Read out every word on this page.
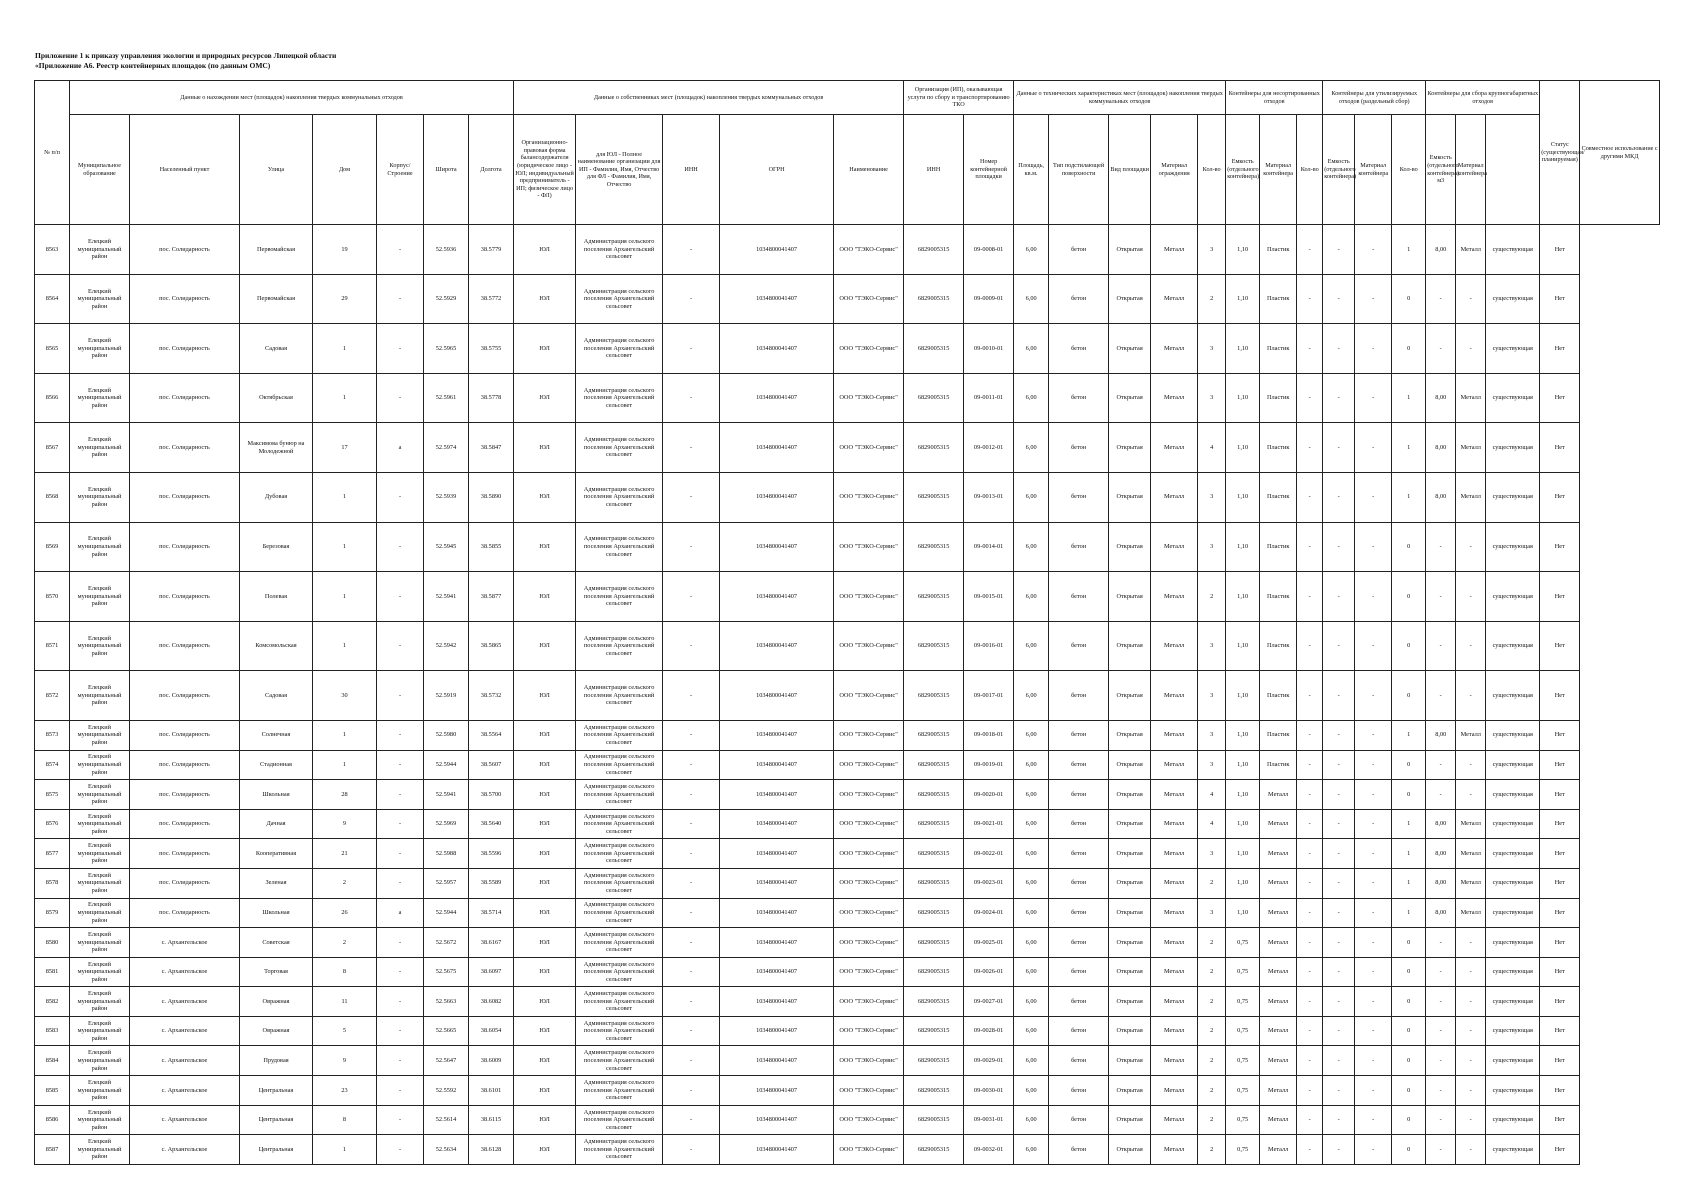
Приложение 1 к приказу управления экологии и природных ресурсов Липецкой области
«Приложение А6. Реестр контейнерных площадок (по данным ОМС)
№ п/п	Данные о нахождении мест (площадок) накопления твердых коммунальных отходов							Данные о собственниках мест (площадок) накопления твердых коммунальных отходов					Организация (ИП), оказывающая услуги по сбору и транспортированию ТКО		Данные о технических характеристиках мест (площадок) накопления твердых коммунальных отходов					Контейнеры для несортированных отходов			Контейнеры для утилизируемых отходов (раздельный сбор)			Контейнеры для сбора крупногабаритных отходов			Статус (существующая/ планируемая)	Совместное использование с другими МКД
	Муниципальное образование	Населенный пункт	Улица	Дом	Корпус/Строение	Широта	Долгота	Организационно-правовая форма балансодержателя (юридическое лицо - ЮЛ; индивидуальный предприниматель - ИП; физическое лицо - ФЛ)	для ЮЛ - Полное наименование организации для ИП - Фамилия, Имя, Отчество для ФЛ - Фамилия, Имя, Отчество	ИНН	ОГРН	Наименование	ИНН	Номер контейнерной площадки	Площадь, кв.м.	Тип подстилающей поверхности	Вид площадки	Материал ограждения	Кол-во	Емкость (отдельного контейнера)	Материал контейнера	Кол-во	Емкость (отдельного контейнера)	Материал контейнера	Кол-во	Емкость (отдельного контейнера) м3	Материал контейнера			
8563	Елецкий муниципальный район	пос. Солидарность	Первомайская	19	-	52.5936	38.5779	ЮЛ	Администрация сельского поселения Архангельский сельсовет	-	1034800041407	ООО "ТЭКО-Сервис"	6829005315	09-0008-01	6,00	бетон	Открытая	Металл	3	1,10	Пластик	-	-	-	1	8,00	Металл	существующая	Нет	
8564	Елецкий муниципальный район	пос. Солидарность	Первомайская	29	-	52.5929	38.5772	ЮЛ	Администрация сельского поселения Архангельский сельсовет	-	1034800041407	ООО "ТЭКО-Сервис"	6829005315	09-0009-01	6,00	бетон	Открытая	Металл	2	1,10	Пластик	-	-	-	0	-	-	существующая	Нет	
8565	Елецкий муниципальный район	пос. Солидарность	Садовая	1	-	52.5965	38.5755	ЮЛ	Администрация сельского поселения Архангельский сельсовет	-	1034800041407	ООО "ТЭКО-Сервис"	6829005315	09-0010-01	6,00	бетон	Открытая	Металл	3	1,10	Пластик	-	-	-	0	-	-	существующая	Нет	
8566	Елецкий муниципальный район	пос. Солидарность	Октябрьская	1	-	52.5961	38.5778	ЮЛ	Администрация сельского поселения Архангельский сельсовет	-	1034800041407	ООО "ТЭКО-Сервис"	6829005315	09-0011-01	6,00	бетон	Открытая	Металл	3	1,10	Пластик	-	-	-	1	8,00	Металл	существующая	Нет	
8567	Елецкий муниципальный район	пос. Солидарность	Максимова бунюр на Молодежной	17	а	52.5974	38.5847	ЮЛ	Администрация сельского поселения Архангельский сельсовет	-	1034800041407	ООО "ТЭКО-Сервис"	6829005315	09-0012-01	6,00	бетон	Открытая	Металл	4	1,10	Пластик	-	-	-	1	8,00	Металл	существующая	Нет	
8568	Елецкий муниципальный район	пос. Солидарность	Дубовая	1	-	52.5939	38.5890	ЮЛ	Администрация сельского поселения Архангельский сельсовет	-	1034800041407	ООО "ТЭКО-Сервис"	6829005315	09-0013-01	6,00	бетон	Открытая	Металл	3	1,10	Пластик	-	-	-	1	8,00	Металл	существующая	Нет	
8569	Елецкий муниципальный район	пос. Солидарность	Березовая	1	-	52.5945	38.5855	ЮЛ	Администрация сельского поселения Архангельский сельсовет	-	1034800041407	ООО "ТЭКО-Сервис"	6829005315	09-0014-01	6,00	бетон	Открытая	Металл	3	1,10	Пластик	-	-	-	0	-	-	существующая	Нет	
8570	Елецкий муниципальный район	пос. Солидарность	Полевая	1	-	52.5941	38.5877	ЮЛ	Администрация сельского поселения Архангельский сельсовет	-	1034800041407	ООО "ТЭКО-Сервис"	6829005315	09-0015-01	6,00	бетон	Открытая	Металл	2	1,10	Пластик	-	-	-	0	-	-	существующая	Нет	
8571	Елецкий муниципальный район	пос. Солидарность	Комсомольская	1	-	52.5942	38.5865	ЮЛ	Администрация сельского поселения Архангельский сельсовет	-	1034800041407	ООО "ТЭКО-Сервис"	6829005315	09-0016-01	6,00	бетон	Открытая	Металл	3	1,10	Пластик	-	-	-	0	-	-	существующая	Нет	
8572	Елецкий муниципальный район	пос. Солидарность	Садовая	30	-	52.5919	38.5732	ЮЛ	Администрация сельского поселения Архангельский сельсовет	-	1034800041407	ООО "ТЭКО-Сервис"	6829005315	09-0017-01	6,00	бетон	Открытая	Металл	3	1,10	Пластик	-	-	-	0	-	-	существующая	Нет	
8573	Елецкий муниципальный район	пос. Солидарность	Солнечная	1	-	52.5980	38.5564	ЮЛ	Администрация сельского поселения Архангельский сельсовет	-	1034800041407	ООО "ТЭКО-Сервис"	6829005315	09-0018-01	6,00	бетон	Открытая	Металл	3	1,10	Пластик	-	-	-	1	8,00	Металл	существующая	Нет	
8574	Елецкий муниципальный район	пос. Солидарность	Стадионная	1	-	52.5944	38.5607	ЮЛ	Администрация сельского поселения Архангельский сельсовет	-	1034800041407	ООО "ТЭКО-Сервис"	6829005315	09-0019-01	6,00	бетон	Открытая	Металл	3	1,10	Пластик	-	-	-	0	-	-	существующая	Нет	
8575	Елецкий муниципальный район	пос. Солидарность	Школьная	28	-	52.5941	38.5700	ЮЛ	Администрация сельского поселения Архангельский сельсовет	-	1034800041407	ООО "ТЭКО-Сервис"	6829005315	09-0020-01	6,00	бетон	Открытая	Металл	4	1,10	Металл	-	-	-	0	-	-	существующая	Нет	
8576	Елецкий муниципальный район	пос. Солидарность	Дачная	9	-	52.5969	38.5640	ЮЛ	Администрация сельского поселения Архангельский сельсовет	-	1034800041407	ООО "ТЭКО-Сервис"	6829005315	09-0021-01	6,00	бетон	Открытая	Металл	4	1,10	Металл	-	-	-	1	8,00	Металл	существующая	Нет	
8577	Елецкий муниципальный район	пос. Солидарность	Кооперативная	21	-	52.5988	38.5596	ЮЛ	Администрация сельского поселения Архангельский сельсовет	-	1034800041407	ООО "ТЭКО-Сервис"	6829005315	09-0022-01	6,00	бетон	Открытая	Металл	3	1,10	Металл	-	-	-	1	8,00	Металл	существующая	Нет	
8578	Елецкий муниципальный район	пос. Солидарность	Зеленая	2	-	52.5957	38.5589	ЮЛ	Администрация сельского поселения Архангельский сельсовет	-	1034800041407	ООО "ТЭКО-Сервис"	6829005315	09-0023-01	6,00	бетон	Открытая	Металл	2	1,10	Металл	-	-	-	1	8,00	Металл	существующая	Нет	
8579	Елецкий муниципальный район	пос. Солидарность	Школьная	26	а	52.5944	38.5714	ЮЛ	Администрация сельского поселения Архангельский сельсовет	-	1034800041407	ООО "ТЭКО-Сервис"	6829005315	09-0024-01	6,00	бетон	Открытая	Металл	3	1,10	Металл	-	-	-	1	8,00	Металл	существующая	Нет	
8580	Елецкий муниципальный район	с. Архангельское	Советская	2	-	52.5672	38.6167	ЮЛ	Администрация сельского поселения Архангельский сельсовет	-	1034800041407	ООО "ТЭКО-Сервис"	6829005315	09-0025-01	6,00	бетон	Открытая	Металл	2	0,75	Металл	-	-	-	0	-	-	существующая	Нет	
8581	Елецкий муниципальный район	с. Архангельское	Торговая	8	-	52.5675	38.6097	ЮЛ	Администрация сельского поселения Архангельский сельсовет	-	1034800041407	ООО "ТЭКО-Сервис"	6829005315	09-0026-01	6,00	бетон	Открытая	Металл	2	0,75	Металл	-	-	-	0	-	-	существующая	Нет	
8582	Елецкий муниципальный район	с. Архангельское	Овражная	11	-	52.5663	38.6082	ЮЛ	Администрация сельского поселения Архангельский сельсовет	-	1034800041407	ООО "ТЭКО-Сервис"	6829005315	09-0027-01	6,00	бетон	Открытая	Металл	2	0,75	Металл	-	-	-	0	-	-	существующая	Нет	
8583	Елецкий муниципальный район	с. Архангельское	Овражная	5	-	52.5665	38.6054	ЮЛ	Администрация сельского поселения Архангельский сельсовет	-	1034800041407	ООО "ТЭКО-Сервис"	6829005315	09-0028-01	6,00	бетон	Открытая	Металл	2	0,75	Металл	-	-	-	0	-	-	существующая	Нет	
8584	Елецкий муниципальный район	с. Архангельское	Прудовая	9	-	52.5647	38.6009	ЮЛ	Администрация сельского поселения Архангельский сельсовет	-	1034800041407	ООО "ТЭКО-Сервис"	6829005315	09-0029-01	6,00	бетон	Открытая	Металл	2	0,75	Металл	-	-	-	0	-	-	существующая	Нет	
8585	Елецкий муниципальный район	с. Архангельское	Центральная	23	-	52.5592	38.6101	ЮЛ	Администрация сельского поселения Архангельский сельсовет	-	1034800041407	ООО "ТЭКО-Сервис"	6829005315	09-0030-01	6,00	бетон	Открытая	Металл	2	0,75	Металл	-	-	-	0	-	-	существующая	Нет	
8586	Елецкий муниципальный район	с. Архангельское	Центральная	8	-	52.5614	38.6115	ЮЛ	Администрация сельского поселения Архангельский сельсовет	-	1034800041407	ООО "ТЭКО-Сервис"	6829005315	09-0031-01	6,00	бетон	Открытая	Металл	2	0,75	Металл	-	-	-	0	-	-	существующая	Нет	
8587	Елецкий муниципальный район	с. Архангельское	Центральная	1	-	52.5634	38.6128	ЮЛ	Администрация сельского поселения Архангельский сельсовет	-	1034800041407	ООО "ТЭКО-Сервис"	6829005315	09-0032-01	6,00	бетон	Открытая	Металл	2	0,75	Металл	-	-	-	0	-	-	существующая	Нет	
